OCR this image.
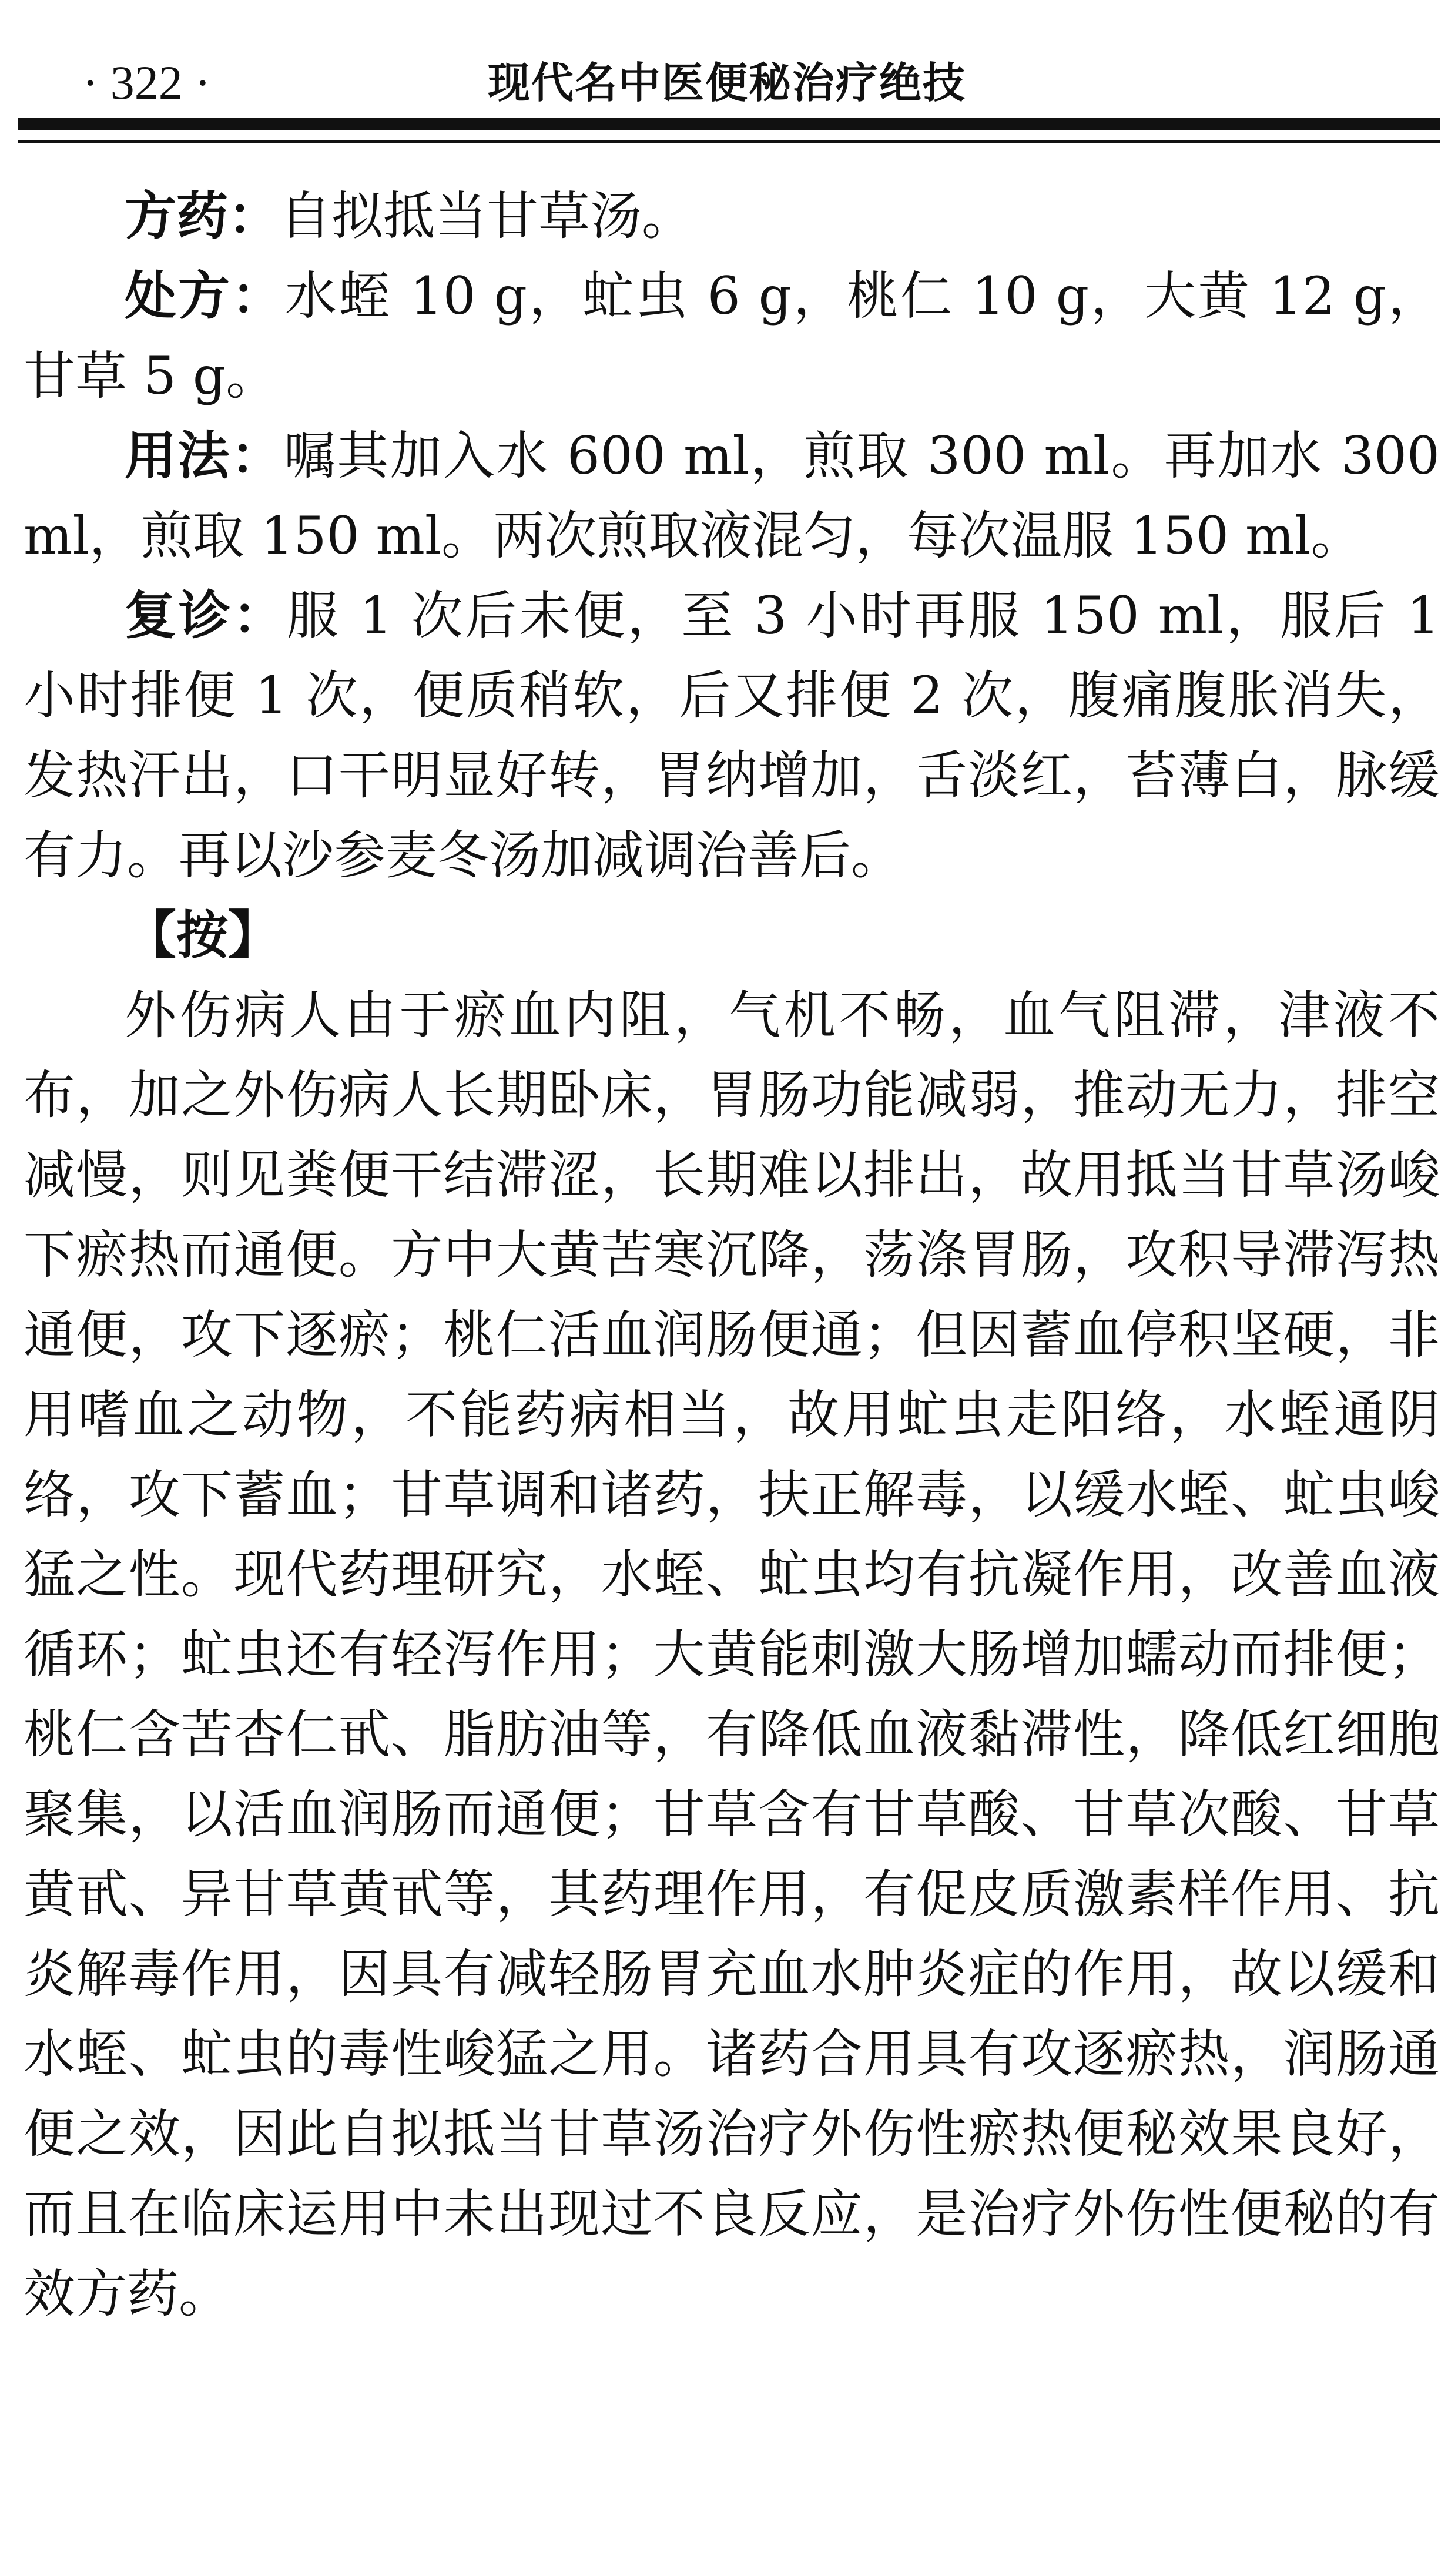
· 322 ·	现代名中医便秘治疗绝技

方药：自拟抵当甘草汤。

处方：水蛭 10 g，虻虫 6 g，桃仁 10 g，大黄 12 g，甘草 5 g。

用法：嘱其加入水 600 ml，煎取 300 ml。再加水 300 ml，煎取 150 ml。两次煎取液混匀，每次温服 150 ml。

复诊：服 1 次后未便，至 3 小时再服 150 ml，服后 1 小时排便 1 次，便质稍软，后又排便 2 次，腹痛腹胀消失，发热汗出，口干明显好转，胃纳增加，舌淡红，苔薄白，脉缓有力。再以沙参麦冬汤加减调治善后。

【按】

外伤病人由于瘀血内阻，气机不畅，血气阻滞，津液不布，加之外伤病人长期卧床，胃肠功能减弱，推动无力，排空减慢，则见粪便干结滞涩，长期难以排出，故用抵当甘草汤峻下瘀热而通便。方中大黄苦寒沉降，荡涤胃肠，攻积导滞泻热通便，攻下逐瘀；桃仁活血润肠便通；但因蓄血停积坚硬，非用嗜血之动物，不能药病相当，故用虻虫走阳络，水蛭通阴络，攻下蓄血；甘草调和诸药，扶正解毒，以缓水蛭、虻虫峻猛之性。现代药理研究，水蛭、虻虫均有抗凝作用，改善血液循环；虻虫还有轻泻作用；大黄能刺激大肠增加蠕动而排便；桃仁含苦杏仁甙、脂肪油等，有降低血液黏滞性，降低红细胞聚集，以活血润肠而通便；甘草含有甘草酸、甘草次酸、甘草黄甙、异甘草黄甙等，其药理作用，有促皮质激素样作用、抗炎解毒作用，因具有减轻肠胃充血水肿炎症的作用，故以缓和水蛭、虻虫的毒性峻猛之用。诸药合用具有攻逐瘀热，润肠通便之效，因此自拟抵当甘草汤治疗外伤性瘀热便秘效果良好，而且在临床运用中未出现过不良反应，是治疗外伤性便秘的有效方药。
